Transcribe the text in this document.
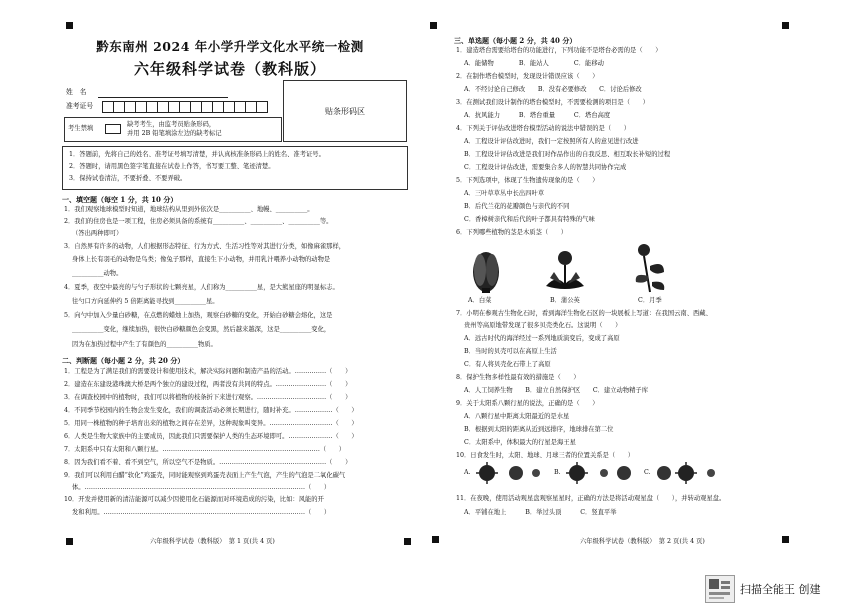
黔东南州 2024 年小学升学文化水平统一检测
六年级科学试卷（教科版）
姓　名
准考证号
贴条形码区
考生禁填
缺考考生，由监考员贴条形码，
并用 2B 铅笔填涂左边的缺考标记
1．答题前，先将自己的姓名、准考证号填写清楚，并认真核准条形码上的姓名、准考证号。
2．答题时，请用黑色签字笔直接在试卷上作答，书写要工整、笔迹清楚。
3．保持试卷清洁，不要折叠、不要弄破。
一、填空题（每空 1 分，共 10 分）
1．我们观察地球模型时知道，地球结构从里到外依次是__________、地幔、__________。
2．我们的住房也是一项工程，住房必须具备的系统有__________、__________、__________等。
（答出两种即可）
3．自然界有许多的动物，人们根据形态特征、行为方式、生活习性等对其进行分类，如像麻雀那样，
身体上长有羽毛的动物是鸟类；像兔子那样，直接生下小动物，并用乳汁喂养小动物的动物是
__________动物。
4．夏季，夜空中最亮的与勺子形状的七颗亮星，人们称为__________星，是大熊星座的明显标志。
往勺口方向延伸约 5 倍距离能寻找到__________星。
5．向勺中加入少量白砂糖，在点燃的蜡烛上加热，观察白砂糖的变化，开始白砂糖会熔化，这是
__________变化，继续加热，很快白砂糖颜色会变黑，然后越来越深，这是__________变化，
因为在加热过程中产生了有颜色的__________物质。
二、判断题（每小题 2 分，共 20 分）
1．工程是为了满足我们的需要设计和使用技术，解决实际问题和制造产品的活动。……………（　　）
2．建造在东建设港珠澳大桥是两个独立的建设过程，两者没有共同的特点。……………………（　　）
3．在调查校园中的植物时，我们可以将植物的枝条折下来进行观察。……………………………（　　）
4．不同季节校园内的生物会发生变化，我们的调查活动必须长期进行，随时补充。………………（　　）
5．用同一株植物的种子培育出来的植物之间存在差异，这种现象叫变异。…………………………（　　）
6．人类是生物大家族中的主要成员，因此我们只需要保护人类的生态环境即可。…………………（　　）
7．太阳系中只有太阳和八颗行星。…………………………………………………………………（　　）
8．因为我们看不着、看不到空气，所以空气不是物质。……………………………………………（　　）
9．我们可以利用白醋“软化”鸡蛋壳，同时能观察到鸡蛋壳表面上产生气泡，产生的气泡是二氧化碳气
体。……………………………………………………………………………………………（　　）
10．开发并使用新的清洁能源可以减少因使用化石能源而对环境造成的污染，比如：风能的开
发和利用。……………………………………………………………………………………（　　）
六年级科学试卷（教科版）　第 1 页(共 4 页)
三、单选题（每小题 2 分，共 40 分）
1．建造塔台需要给塔台的功能进行，下列功能不是塔台必需的是（　　）
A．能储物　　　　B．能站人　　　　C．能移动
2．在制作塔台模型时，发现设计错误应该（　　）
A．不经讨论自己修改　　B．没有必要修改　　C．讨论后修改
3．在测试我们设计制作的塔台模型时，不需要检测的项目是（　　）
A．抗风能力　　　B．塔台重量　　　C．塔台高度
4．下列关于评估改进塔台模型活动的说法中错误的是（　　）
A．工程设计评估改进时，我们一定按照所有人的意见进行改进
B．工程设计评估改进是我们对作品作出的自我反思、相互取长补短的过程
C．工程设计评估改进，需要集合多人的智慧共同协作完成
5．下列选项中，体现了生物遗传现象的是（　　）
A．三叶草草丛中长出四叶草
B．后代兰花的花瓣颜色与亲代的不同
C．香樟树亲代和后代的叶子都具有特殊的气味
6．下列哪些植物的茎是木质茎（　　）
A．白菜	B．蒲公英	C．月季
7．小明在参观古生物化石时，看到海洋生物化石区的一块展板上写道：在我国云南、西藏、
贵州等高原地带发现了很多贝壳类化石。这说明（　　）
A．远古时代的海洋经过一系列地质演变后，变成了高原
B．当时的贝壳可以在高原上生活
C．有人将贝壳化石带上了高原
8．保护生物多样性最有效的措施是（　　）
A．人工饲养生物　　B．建立自然保护区　　C．建立动物精子库
9．关于太阳系八颗行星的说法，正确的是（　　）
A．八颗行星中距离太阳最近的是水星
B．根据到太阳的距离从近到远排序，地球排在第二位
C．太阳系中，体积最大的行星是海王星
10．日食发生时，太阳、地球、月球三者的位置关系是（　　）
A.	B.	C.
11．在夜晚，使用活动观星盘观察星星时，正确的方法是将活动观星盘（　　），并转动观星盘。
A．平铺在地上　　　B．举过头顶　　　C．竖直平举
六年级科学试卷（教科版）　第 2 页(共 4 页)
扫描全能王 创建
